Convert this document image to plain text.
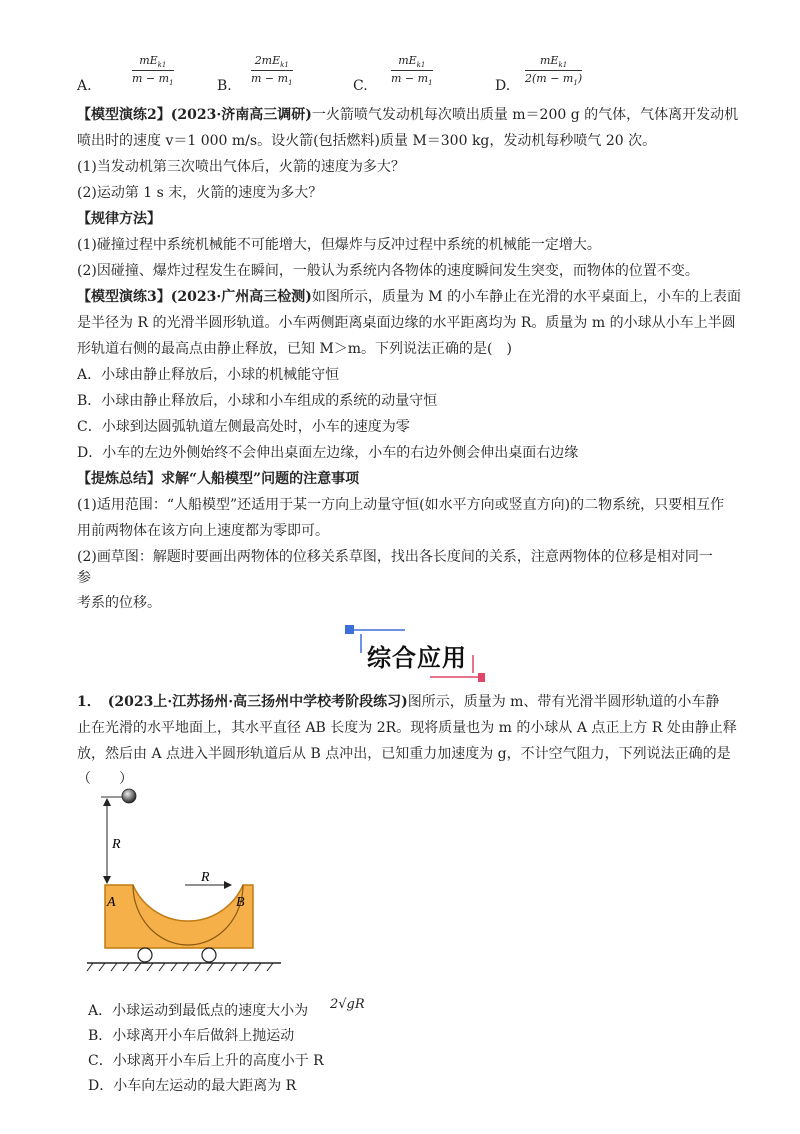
A.
$mE_{k1}$
$m - m_1$	B.
$2mE_{k1}$
$m - m_1$	C.
$mE_{k1}$
$m - m_1$	D.
$mE_{k1}$
$2(m - m_1)$
【模型演练2】(2023·济南高三调研)一火箭喷气发动机每次喷出质量 m＝200 g 的气体，气体离开发动机
喷出时的速度 v＝1 000 m/s。设火箭(包括燃料)质量 M＝300 kg，发动机每秒喷气 20 次。
(1)当发动机第三次喷出气体后，火箭的速度为多大？
(2)运动第 1 s 末，火箭的速度为多大？
【规律方法】
(1)碰撞过程中系统机械能不可能增大，但爆炸与反冲过程中系统的机械能一定增大。
(2)因碰撞、爆炸过程发生在瞬间，一般认为系统内各物体的速度瞬间发生突变，而物体的位置不变。
【模型演练3】(2023·广州高三检测)如图所示，质量为 M 的小车静止在光滑的水平桌面上，小车的上表面
是半径为 R 的光滑半圆形轨道。小车两侧距离桌面边缘的水平距离均为 R。质量为 m 的小球从小车上半圆
形轨道右侧的最高点由静止释放，已知 M＞m。下列说法正确的是(　)
A．小球由静止释放后，小球的机械能守恒
B．小球由静止释放后，小球和小车组成的系统的动量守恒
C．小球到达圆弧轨道左侧最高处时，小车的速度为零
D．小车的左边外侧始终不会伸出桌面左边缘，小车的右边外侧会伸出桌面右边缘
【提炼总结】求解“人船模型”问题的注意事项
(1)适用范围：“人船模型”还适用于某一方向上动量守恒(如水平方向或竖直方向)的二物系统，只要相互作
用前两物体在该方向上速度都为零即可。
(2)画草图：解题时要画出两物体的位移关系草图，找出各长度间的关系，注意两物体的位移是相对同一
参
考系的位移。
综合应用
1．　(2023上·江苏扬州·高三扬州中学校考阶段练习)图所示，质量为 m、带有光滑半圆形轨道的小车静
止在光滑的水平地面上，其水平直径 AB 长度为 2R。现将质量也为 m 的小球从 A 点正上方 R 处由静止释
放，然后由 A 点进入半圆形轨道后从 B 点冲出，已知重力加速度为 g，不计空气阻力，下列说法正确的是
（　　）
R
R
A	B
A．小球运动到最低点的速度大小为 2√gR
B．小球离开小车后做斜上抛运动
C．小球离开小车后上升的高度小于 R
D．小车向左运动的最大距离为 R
